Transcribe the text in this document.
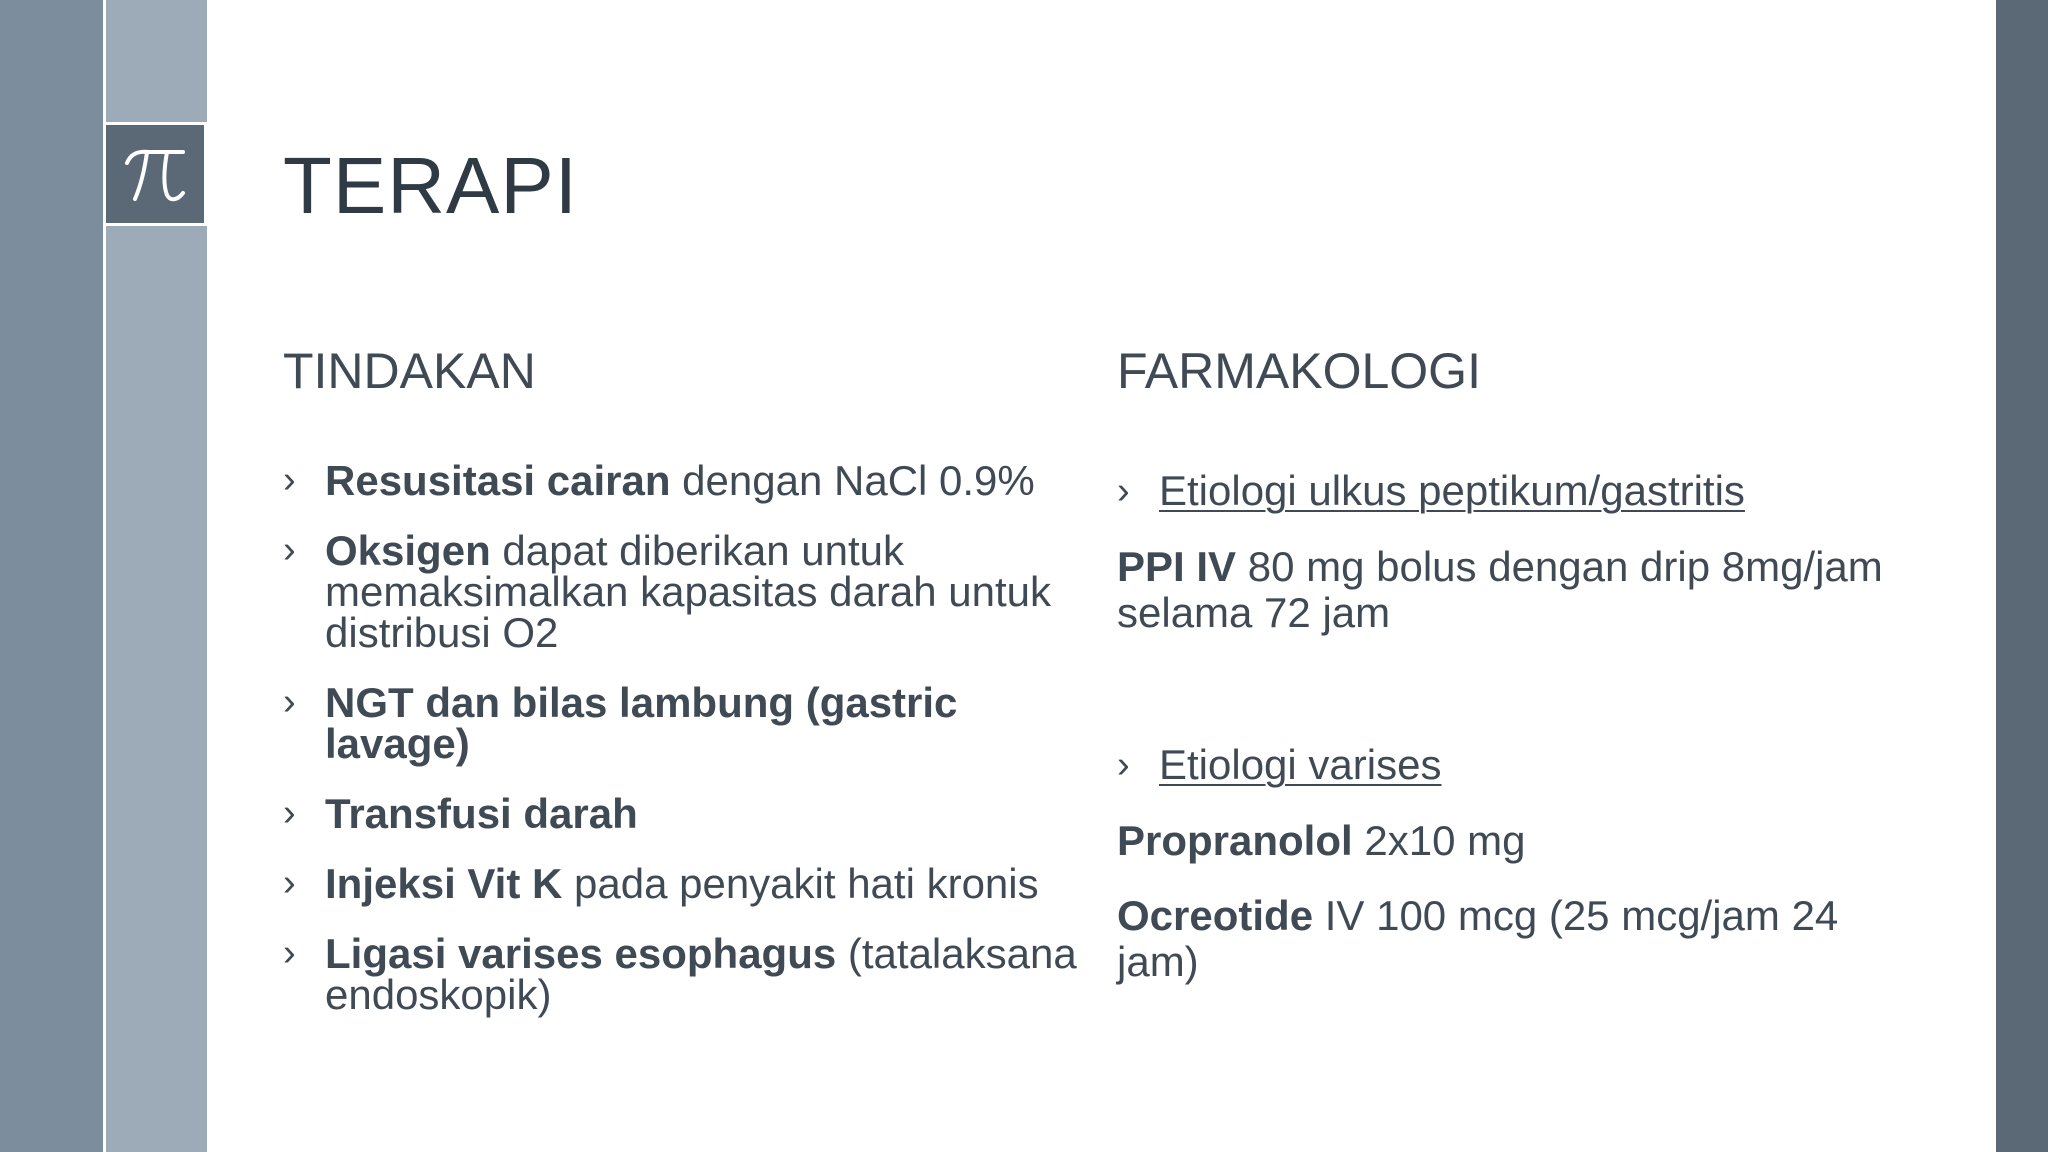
TERAPI
TINDAKAN	FARMAKOLOGI
› Resusitasi cairan dengan NaCl 0.9%
› Oksigen dapat diberikan untuk memaksimalkan kapasitas darah untuk distribusi O2
› NGT dan bilas lambung (gastric lavage)
› Transfusi darah
› Injeksi Vit K pada penyakit hati kronis
› Ligasi varises esophagus (tatalaksana endoskopik)
› Etiologi ulkus peptikum/gastritis
PPI IV 80 mg bolus dengan drip 8mg/jam selama 72 jam
› Etiologi varises
Propranolol 2x10 mg
Ocreotide IV 100 mcg (25 mcg/jam 24 jam)
